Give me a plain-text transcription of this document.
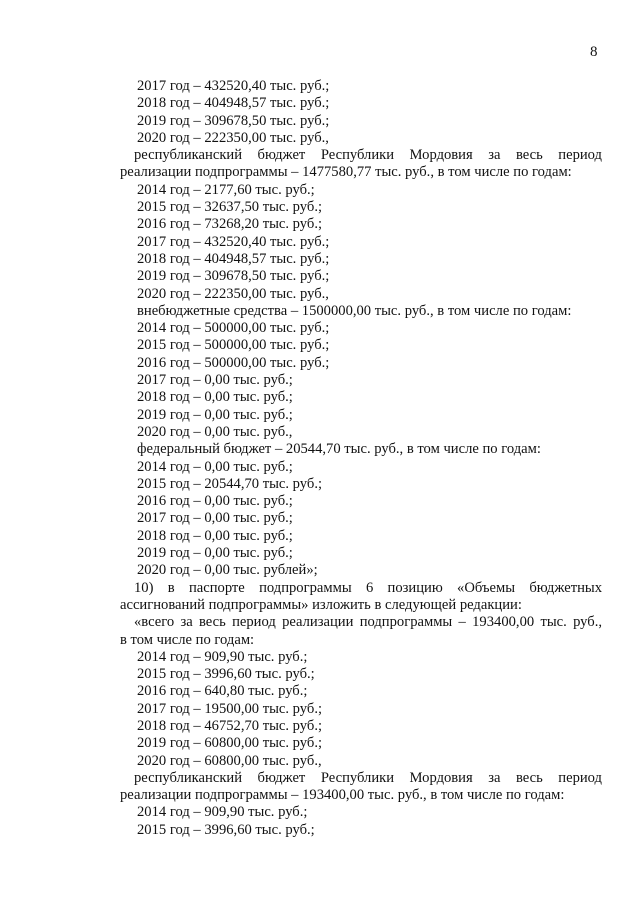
8
2017 год – 432520,40 тыс. руб.;
2018 год – 404948,57 тыс. руб.;
2019 год – 309678,50 тыс. руб.;
2020 год – 222350,00 тыс. руб.,
республиканский бюджет Республики Мордовия за весь период
реализации подпрограммы – 1477580,77 тыс. руб., в том числе по годам:
2014 год – 2177,60 тыс. руб.;
2015 год – 32637,50 тыс. руб.;
2016 год – 73268,20 тыс. руб.;
2017 год – 432520,40 тыс. руб.;
2018 год – 404948,57 тыс. руб.;
2019 год – 309678,50 тыс. руб.;
2020 год – 222350,00 тыс. руб.,
внебюджетные средства – 1500000,00 тыс. руб., в том числе по годам:
2014 год – 500000,00 тыс. руб.;
2015 год – 500000,00 тыс. руб.;
2016 год – 500000,00 тыс. руб.;
2017 год – 0,00 тыс. руб.;
2018 год – 0,00 тыс. руб.;
2019 год – 0,00 тыс. руб.;
2020 год – 0,00 тыс. руб.,
федеральный бюджет – 20544,70 тыс. руб., в том числе по годам:
2014 год – 0,00 тыс. руб.;
2015 год – 20544,70 тыс. руб.;
2016 год – 0,00 тыс. руб.;
2017 год – 0,00 тыс. руб.;
2018 год – 0,00 тыс. руб.;
2019 год – 0,00 тыс. руб.;
2020 год – 0,00 тыс. рублей»;
10) в паспорте подпрограммы 6 позицию «Объемы бюджетных
ассигнований подпрограммы» изложить в следующей редакции:
«всего за весь период реализации подпрограммы – 193400,00 тыс. руб.,
в том числе по годам:
2014 год – 909,90 тыс. руб.;
2015 год – 3996,60 тыс. руб.;
2016 год – 640,80 тыс. руб.;
2017 год – 19500,00 тыс. руб.;
2018 год – 46752,70 тыс. руб.;
2019 год – 60800,00 тыс. руб.;
2020 год – 60800,00 тыс. руб.,
республиканский бюджет Республики Мордовия за весь период
реализации подпрограммы – 193400,00 тыс. руб., в том числе по годам:
2014 год – 909,90 тыс. руб.;
2015 год – 3996,60 тыс. руб.;
